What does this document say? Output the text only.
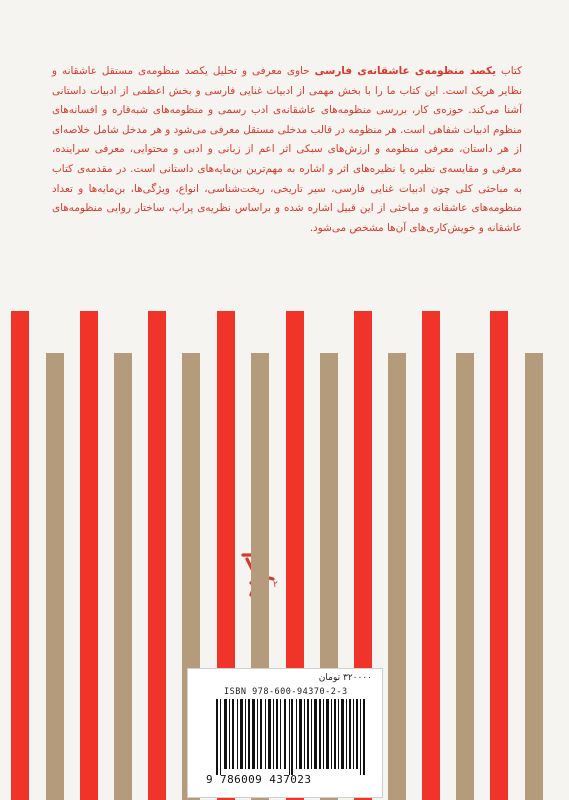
کتاب یکصد منظومه‌ی عاشقانه‌ی فارسی حاوی معرفی و تحلیل یکصد منظومه‌ی مستقل عاشقانه و نظایر هریک است. این کتاب ما را با بخش مهمی از ادبیات غنایی فارسی و بخش اعظمی از ادبیات داستانی آشنا می‌کند. حوزه‌ی کار، بررسی منظومه‌های عاشقانه‌ی ادب رسمی و منظومه‌های شبه‌قاره و افسانه‌های منظوم ادبیات شفاهی است. هر منظومه در قالب مدخلی مستقل معرفی می‌شود و هر مدخل شامل خلاصه‌ای از هر داستان، معرفی منظومه و ارزش‌های سبکی اثر اعم از زبانی و ادبی و محتوایی، معرفی سراینده، معرفی و مقایسه‌ی نظیره یا نظیره‌های اثر و اشاره به مهم‌ترین بن‌مایه‌های داستانی است. در مقدمه‌ی کتاب به مباحثی کلی چون ادبیات غنایی فارسی، سیر تاریخی، ریخت‌شناسی، انواع، ویژگی‌ها، بن‌مایه‌ها و تعداد منظومه‌های عاشقانه و مباحثی از این قبیل اشاره شده و براساس نظریه‌ی پراپ، ساختار روایی منظومه‌های عاشقانه و خویش‌کاری‌های آن‌ها مشخص می‌شود.
۲
۳۲۰۰۰۰ تومان
ISBN 978-600-94370-2-3
9 786009 437023
